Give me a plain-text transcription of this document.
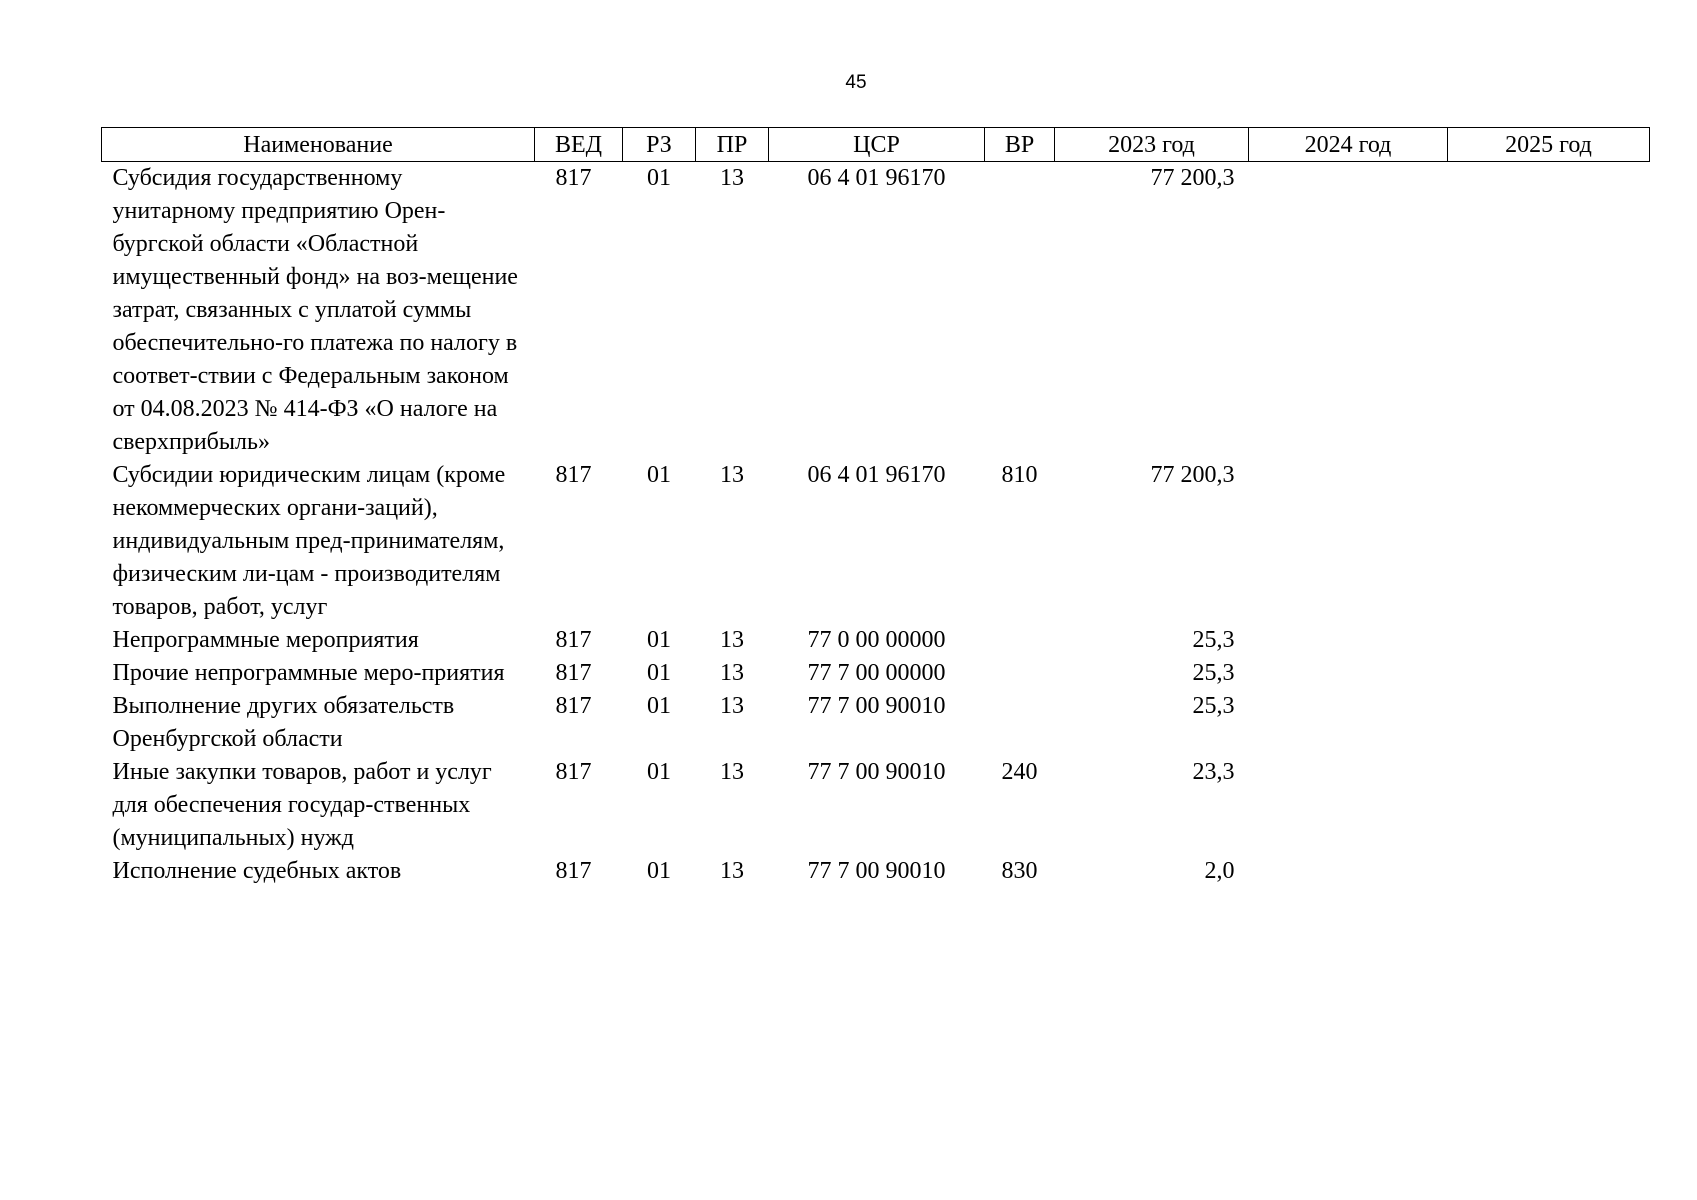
45
Наименование	ВЕД	РЗ	ПР	ЦСР	ВР	2023 год	2024 год	2025 год
Субсидия государственному унитарному предприятию Орен-бургской области «Областной имущественный фонд» на воз-мещение затрат, связанных с уплатой суммы обеспечительно-го платежа по налогу в соответ-ствии с Федеральным законом от 04.08.2023 № 414-ФЗ «О налоге на сверхприбыль»	817	01	13	06 4 01 96170		77 200,3		
Субсидии юридическим лицам (кроме некоммерческих органи-заций), индивидуальным пред-принимателям, физическим ли-цам - производителям товаров, работ, услуг	817	01	13	06 4 01 96170	810	77 200,3		
Непрограммные мероприятия	817	01	13	77 0 00 00000		25,3		
Прочие непрограммные меро-приятия	817	01	13	77 7 00 00000		25,3		
Выполнение других обязательств Оренбургской области	817	01	13	77 7 00 90010		25,3		
Иные закупки товаров, работ и услуг для обеспечения государ-ственных (муниципальных) нужд	817	01	13	77 7 00 90010	240	23,3		
Исполнение судебных актов	817	01	13	77 7 00 90010	830	2,0		
